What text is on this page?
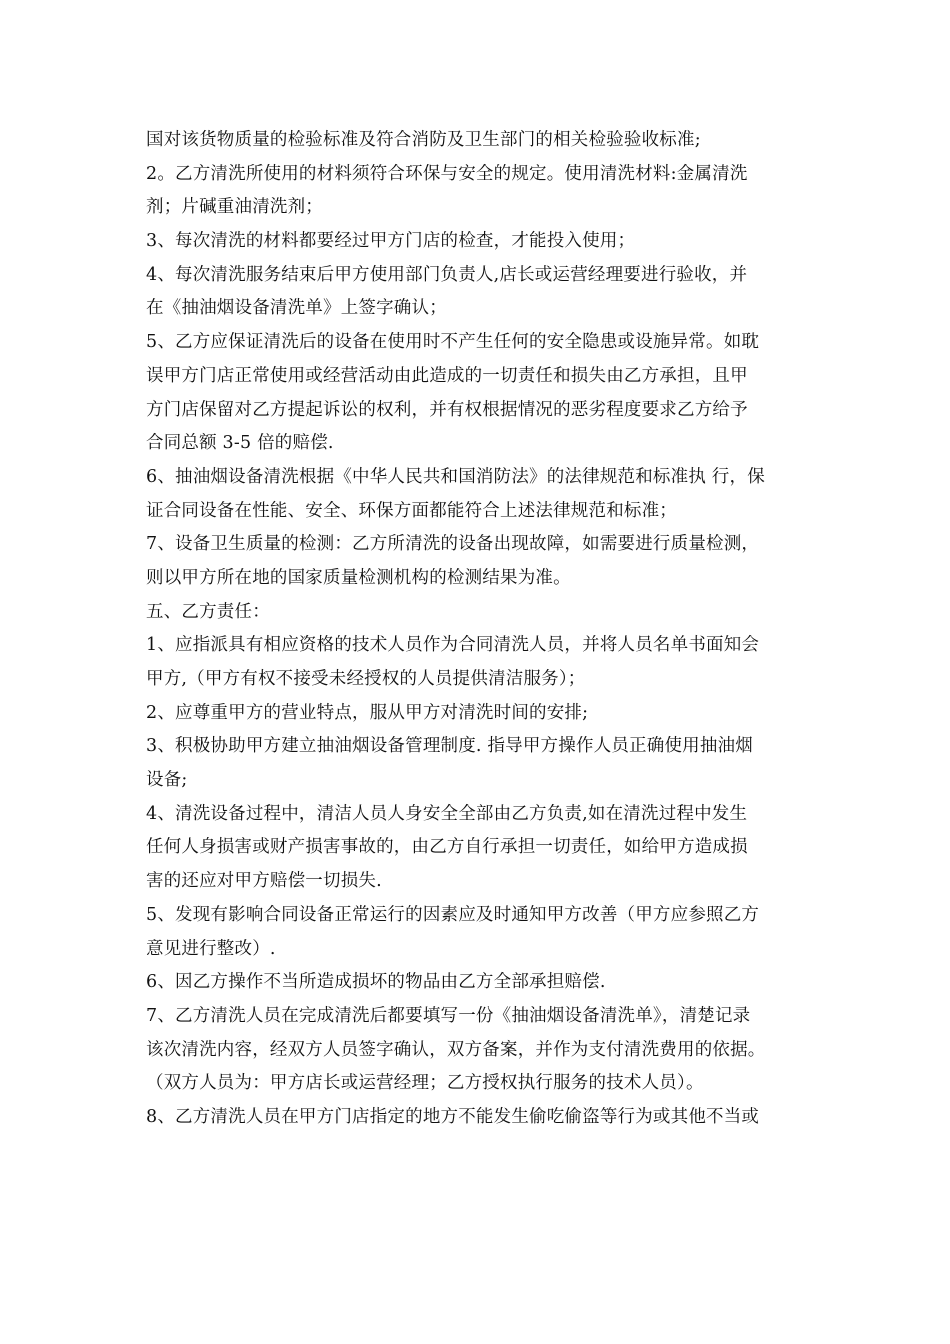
国对该货物质量的检验标准及符合消防及卫生部门的相关检验验收标准;
2。乙方清洗所使用的材料须符合环保与安全的规定。使用清洗材料:金属清洗
剂；片碱重油清洗剂；
3、每次清洗的材料都要经过甲方门店的检查，才能投入使用；
4、每次清洗服务结束后甲方使用部门负责人,店长或运营经理要进行验收，并
在《抽油烟设备清洗单》上签字确认；
5、乙方应保证清洗后的设备在使用时不产生任何的安全隐患或设施异常。如耽
误甲方门店正常使用或经营活动由此造成的一切责任和损失由乙方承担，且甲
方门店保留对乙方提起诉讼的权利，并有权根据情况的恶劣程度要求乙方给予
合同总额 3-5 倍的赔偿.
6、抽油烟设备清洗根据《中华人民共和国消防法》的法律规范和标准执 行，保
证合同设备在性能、安全、环保方面都能符合上述法律规范和标准；
7、设备卫生质量的检测：乙方所清洗的设备出现故障，如需要进行质量检测，
则以甲方所在地的国家质量检测机构的检测结果为准。
五、乙方责任：
1、应指派具有相应资格的技术人员作为合同清洗人员，并将人员名单书面知会
甲方,（甲方有权不接受未经授权的人员提供清洁服务）；
2、应尊重甲方的营业特点，服从甲方对清洗时间的安排;
3、积极协助甲方建立抽油烟设备管理制度. 指导甲方操作人员正确使用抽油烟
设备;
4、清洗设备过程中，清洁人员人身安全全部由乙方负责,如在清洗过程中发生
任何人身损害或财产损害事故的，由乙方自行承担一切责任，如给甲方造成损
害的还应对甲方赔偿一切损失.
5、发现有影响合同设备正常运行的因素应及时通知甲方改善（甲方应参照乙方
意见进行整改）.
6、因乙方操作不当所造成损坏的物品由乙方全部承担赔偿.
7、乙方清洗人员在完成清洗后都要填写一份《抽油烟设备清洗单》，清楚记录
该次清洗内容，经双方人员签字确认，双方备案，并作为支付清洗费用的依据。
（双方人员为：甲方店长或运营经理；乙方授权执行服务的技术人员）。
8、乙方清洗人员在甲方门店指定的地方不能发生偷吃偷盗等行为或其他不当或
